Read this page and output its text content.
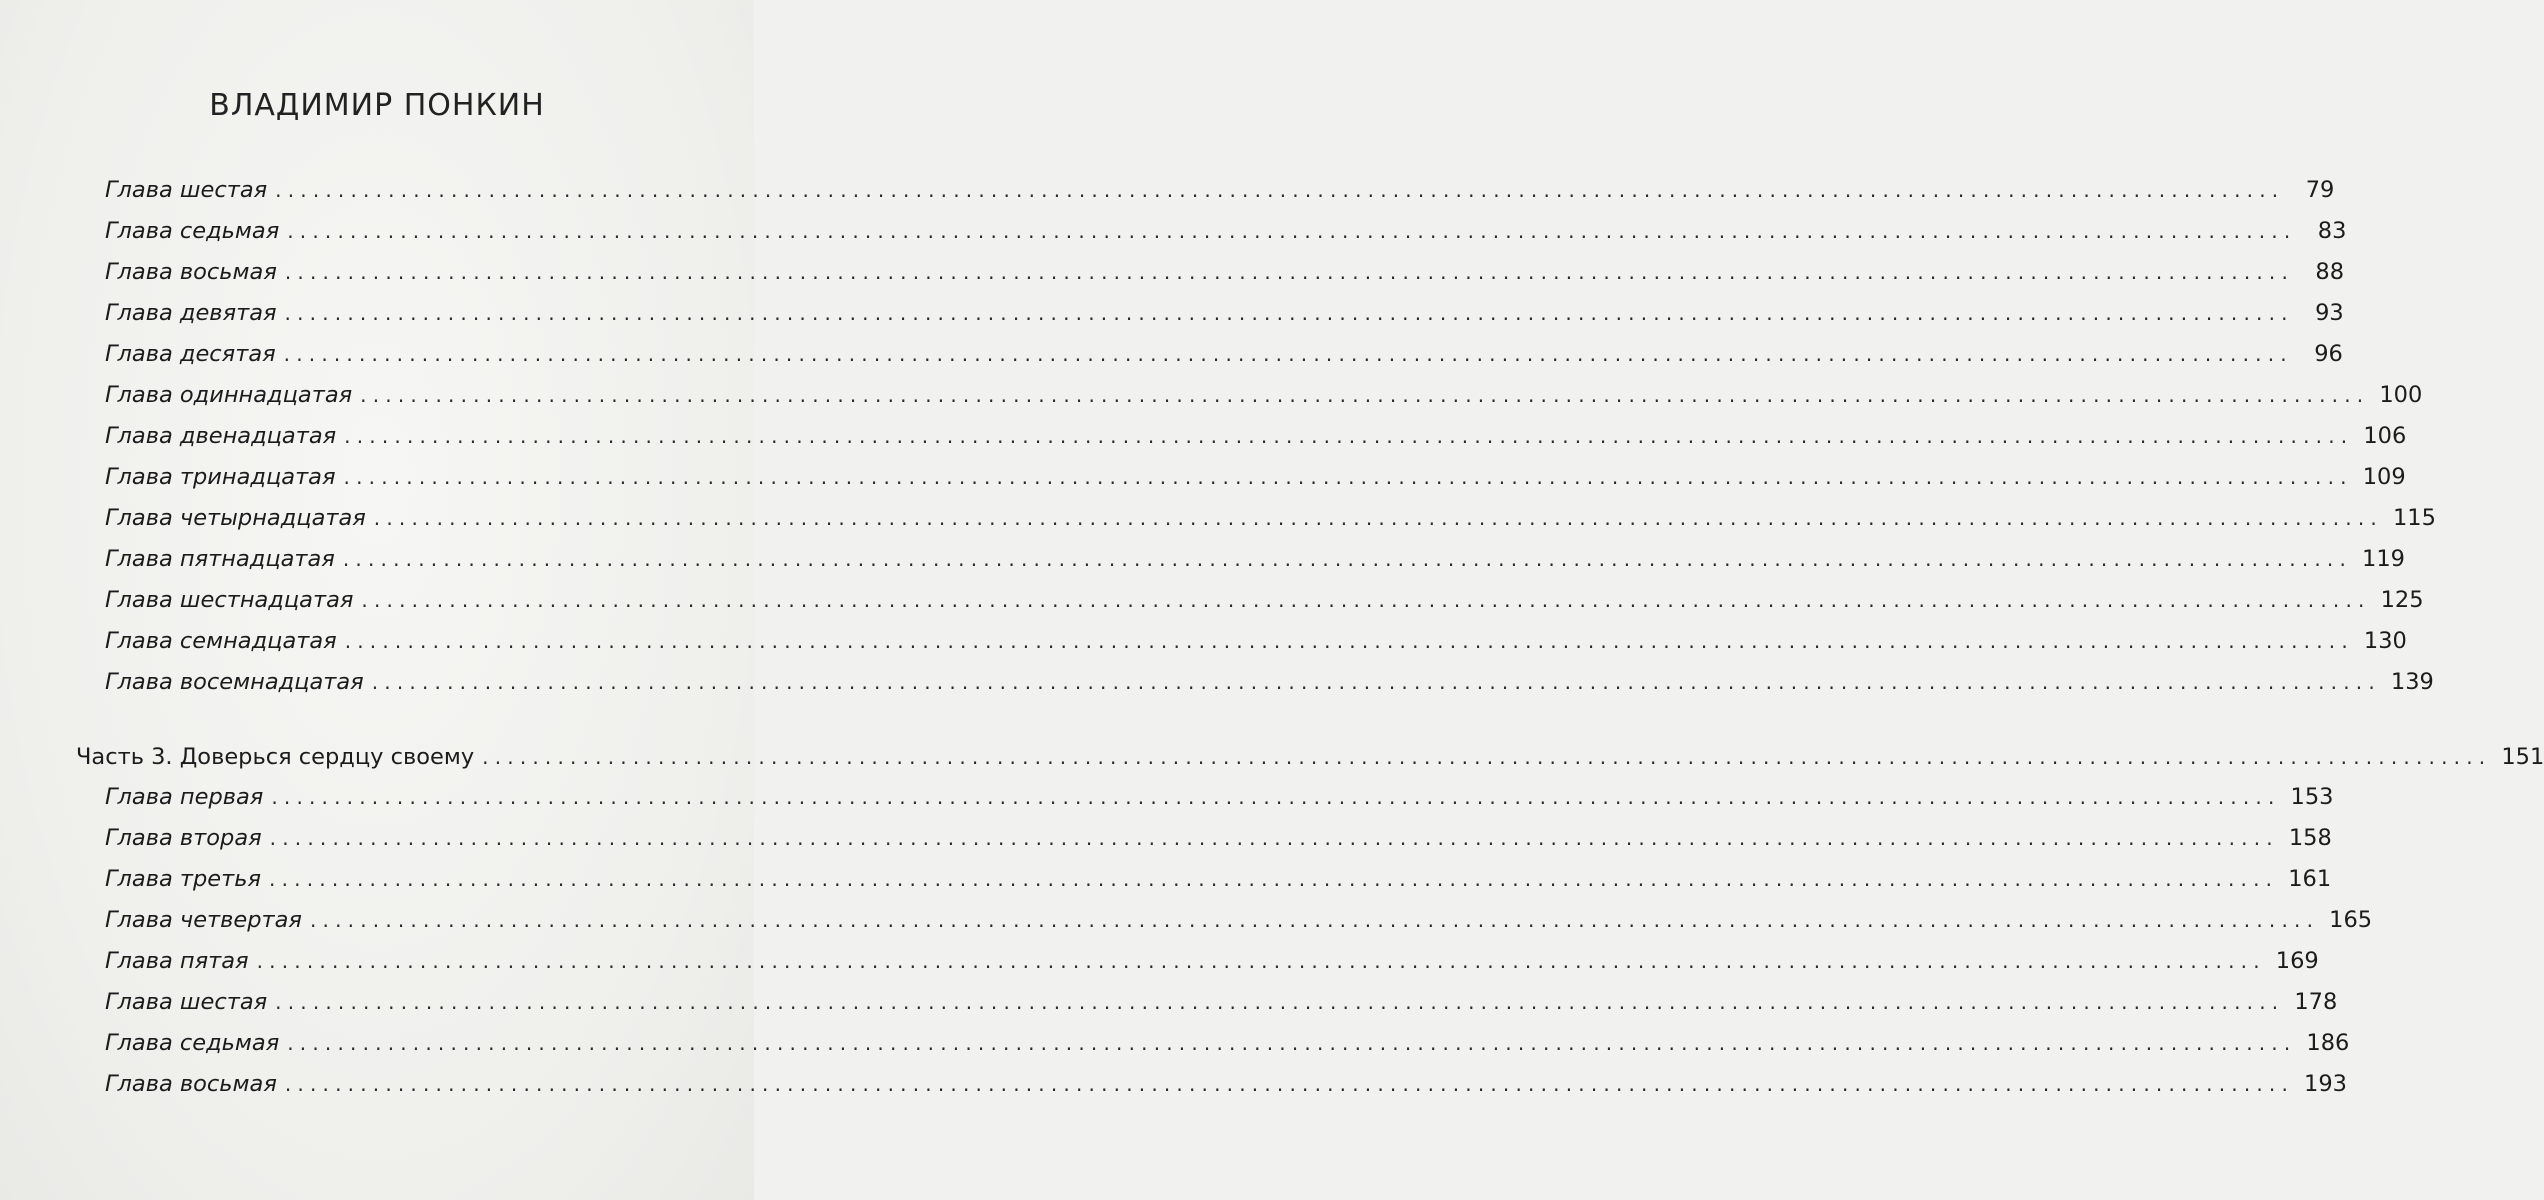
ВЛАДИМИР ПОНКИН
Глава шестая ................................................................................................................................................................ 79
Глава седьмая ................................................................................................................................................................ 83
Глава восьмая ................................................................................................................................................................ 88
Глава девятая ................................................................................................................................................................ 93
Глава десятая ................................................................................................................................................................ 96
Глава одиннадцатая ................................................................................................................................................................ 100
Глава двенадцатая ................................................................................................................................................................ 106
Глава тринадцатая ................................................................................................................................................................ 109
Глава четырнадцатая ................................................................................................................................................................ 115
Глава пятнадцатая ................................................................................................................................................................ 119
Глава шестнадцатая ................................................................................................................................................................ 125
Глава семнадцатая ................................................................................................................................................................ 130
Глава восемнадцатая ................................................................................................................................................................ 139
Часть 3. Доверься сердцу своему ................................................................................................................................................................ 151
Глава первая ................................................................................................................................................................ 153
Глава вторая ................................................................................................................................................................ 158
Глава третья ................................................................................................................................................................ 161
Глава четвертая ................................................................................................................................................................ 165
Глава пятая ................................................................................................................................................................ 169
Глава шестая ................................................................................................................................................................ 178
Глава седьмая ................................................................................................................................................................ 186
Глава восьмая ................................................................................................................................................................ 193
